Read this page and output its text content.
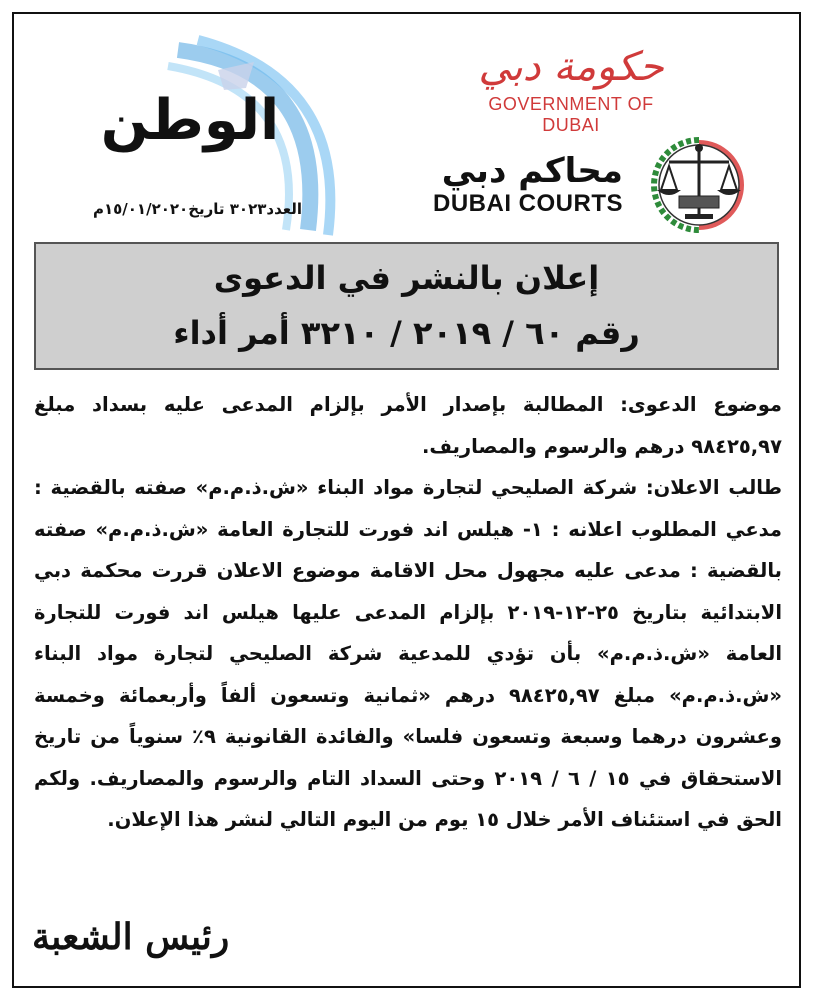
حكومة دبي
GOVERNMENT OF DUBAI
محاكم دبي
DUBAI COURTS
الوطن
العدد٣٠٢٣ تاريخ١٥/٠١/٢٠٢٠م
إعلان بالنشر في الدعوى
رقم ٦٠ / ٢٠١٩ / ٣٢١٠ أمر أداء

موضوع الدعوى: المطالبة بإصدار الأمر بإلزام المدعى عليه بسداد مبلغ ٩٨٤٢٥,٩٧ درهم والرسوم والمصاريف.

طالب الاعلان: شركة الصليحي لتجارة مواد البناء «ش.ذ.م.م» صفته بالقضية : مدعي المطلوب اعلانه : ١- هيلس اند فورت للتجارة العامة «ش.ذ.م.م» صفته بالقضية : مدعى عليه مجهول محل الاقامة موضوع الاعلان قررت محكمة دبي الابتدائية بتاريخ ٢٥-١٢-٢٠١٩ بإلزام المدعى عليها هيلس اند فورت للتجارة العامة «ش.ذ.م.م» بأن تؤدي للمدعية شركة الصليحي لتجارة مواد البناء «ش.ذ.م.م» مبلغ ٩٨٤٢٥,٩٧ درهم «ثمانية وتسعون ألفاً وأربعمائة وخمسة وعشرون درهما وسبعة وتسعون فلسا» والفائدة القانونية ٩٪ سنوياً من تاريخ الاستحقاق في ١٥ / ٦ / ٢٠١٩ وحتى السداد التام والرسوم والمصاريف. ولكم الحق في استئناف الأمر خلال ١٥ يوم من اليوم التالي لنشر هذا الإعلان.

رئيس الشعبة
